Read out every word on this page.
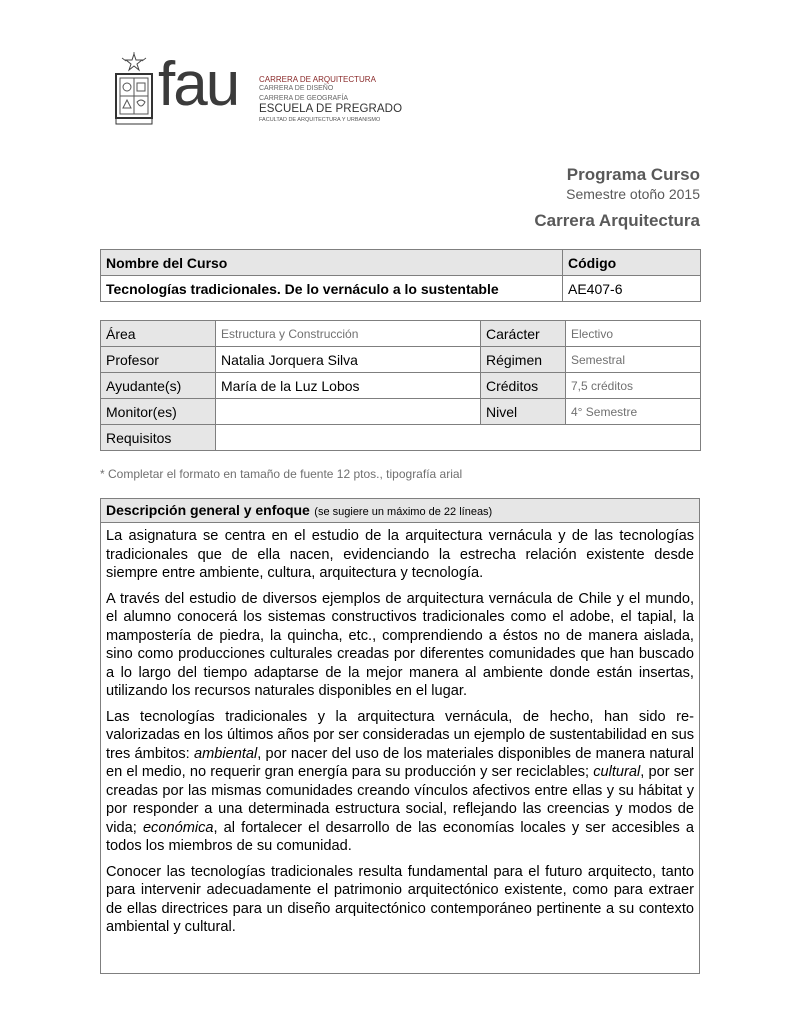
fau	CARRERA DE ARQUITECTURA
CARRERA DE DISEÑO
CARRERA DE GEOGRAFÍA
ESCUELA DE PREGRADO
FACULTAD DE ARQUITECTURA Y URBANISMO
Programa Curso
Semestre otoño 2015
Carrera Arquitectura
Nombre del Curso	Código
Tecnologías tradicionales. De lo vernáculo a lo sustentable	AE407-6
Área	Estructura y Construcción	Carácter	Electivo
Profesor	Natalia Jorquera Silva	Régimen	Semestral
Ayudante(s)	María de la Luz Lobos	Créditos	7,5 créditos
Monitor(es)		Nivel	4° Semestre
Requisitos			
* Completar el formato en tamaño de fuente 12 ptos., tipografía arial
Descripción general y enfoque (se sugiere un máximo de 22 líneas)

La asignatura se centra en el estudio de la arquitectura vernácula y de las tecnologías tradicionales que de ella nacen, evidenciando la estrecha relación existente desde siempre entre ambiente, cultura, arquitectura y tecnología.

A través del estudio de diversos ejemplos de arquitectura vernácula de Chile y el mundo, el alumno conocerá los sistemas constructivos tradicionales como el adobe, el tapial, la mampostería de piedra, la quincha, etc., comprendiendo a éstos no de manera aislada, sino como producciones culturales creadas por diferentes comunidades que han buscado a lo largo del tiempo adaptarse de la mejor manera al ambiente donde están insertas, utilizando los recursos naturales disponibles en el lugar.

Las tecnologías tradicionales y la arquitectura vernácula, de hecho, han sido re-valorizadas en los últimos años por ser consideradas un ejemplo de sustentabilidad en sus tres ámbitos: ambiental, por nacer del uso de los materiales disponibles de manera natural en el medio, no requerir gran energía para su producción y ser reciclables; cultural, por ser creadas por las mismas comunidades creando vínculos afectivos entre ellas y su hábitat y por responder a una determinada estructura social, reflejando las creencias y modos de vida; económica, al fortalecer el desarrollo de las economías locales y ser accesibles a todos los miembros de su comunidad.

Conocer las tecnologías tradicionales resulta fundamental para el futuro arquitecto, tanto para intervenir adecuadamente el patrimonio arquitectónico existente, como para extraer de ellas directrices para un diseño arquitectónico contemporáneo pertinente a su contexto ambiental y cultural.
